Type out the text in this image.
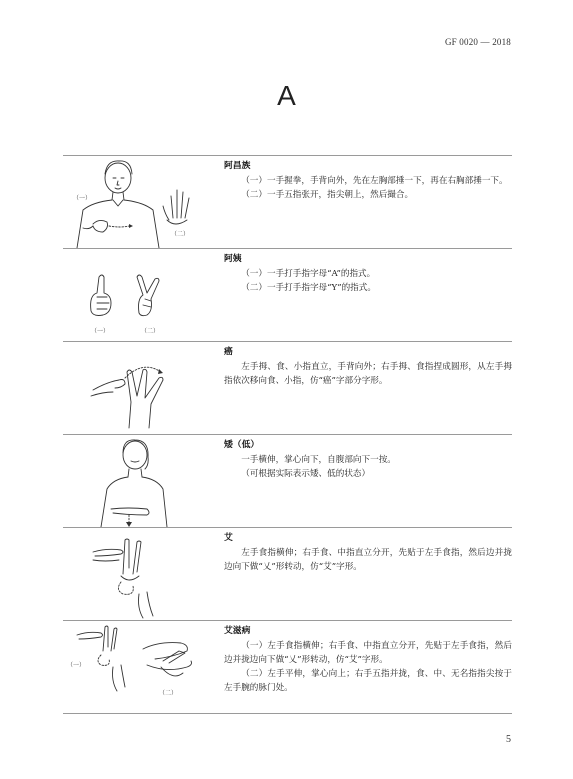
GF 0020 — 2018
A
（一）
（二）
阿昌族
（一）一手握拳，手背向外，先在左胸部捶一下，再在右胸部捶一下。
（二）一手五指张开，指尖朝上，然后撮合。
（一）	（二）
阿姨
（一）一手打手指字母“A”的指式。
（二）一手打手指字母“Y”的指式。
癌
左手拇、食、小指直立，手背向外；右手拇、食指捏成圆形，从左手拇指依次移向食、小指，仿“癌”字部分字形。
矮（低）
一手横伸，掌心向下，自腹部向下一按。
（可根据实际表示矮、低的状态）
艾
左手食指横伸；右手食、中指直立分开，先贴于左手食指，然后边并拢边向下做“乂”形转动，仿“艾”字形。
（一）
（二）
艾滋病
（一）左手食指横伸；右手食、中指直立分开，先贴于左手食指，然后边并拢边向下做“乂”形转动，仿“艾”字形。
（二）左手平伸，掌心向上；右手五指并拢，食、中、无名指指尖按于左手腕的脉门处。
5
